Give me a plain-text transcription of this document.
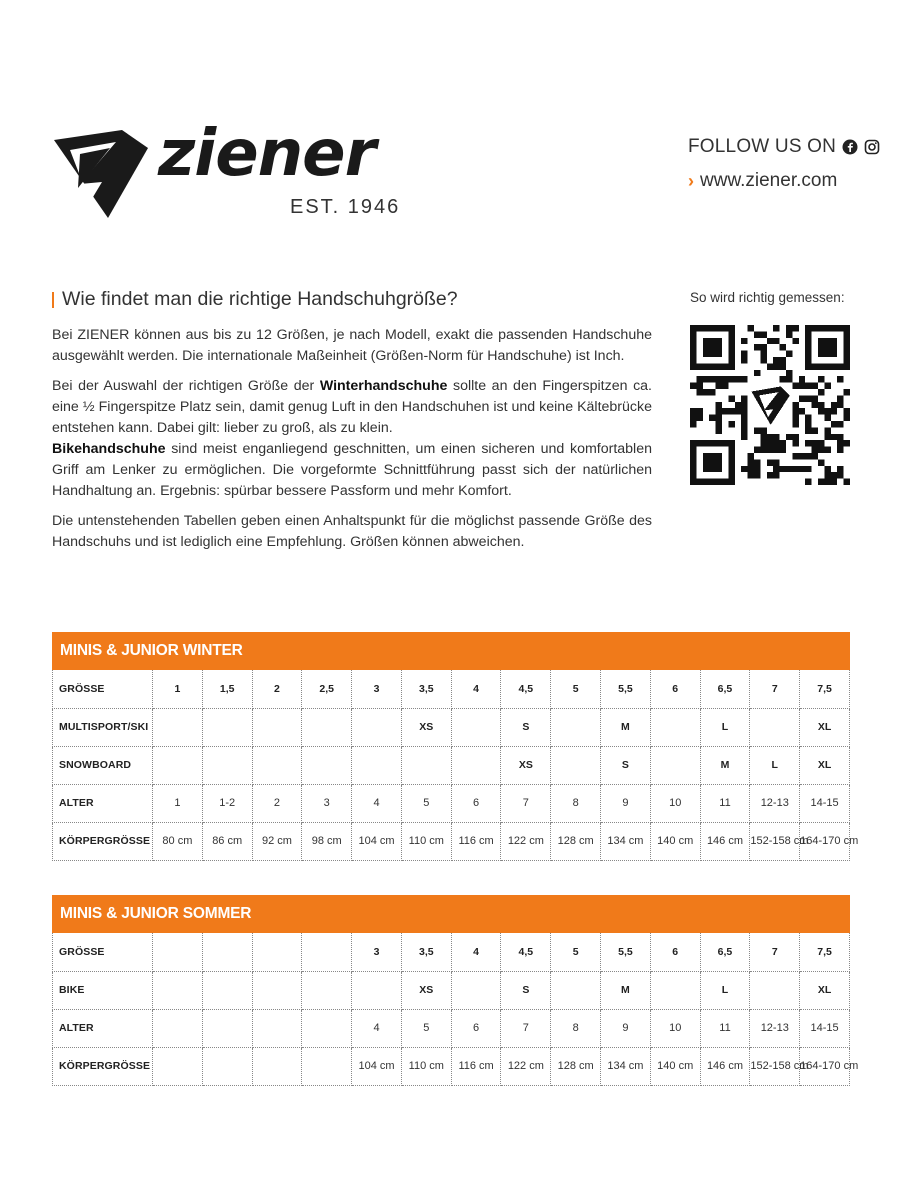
ziener
EST. 1946
FOLLOW US ON
› www.ziener.com
Wie findet man die richtige Handschuhgröße?

Bei ZIENER können aus bis zu 12 Größen, je nach Modell, exakt die passenden Handschuhe ausgewählt werden. Die internationale Maßeinheit (Größen-Norm für Handschuhe) ist Inch.

Bei der Auswahl der richtigen Größe der Winterhandschuhe sollte an den Fingerspitzen ca. eine ½ Fingerspitze Platz sein, damit genug Luft in den Handschuhen ist und keine Kältebrücke entstehen kann. Dabei gilt: lieber zu groß, als zu klein.

Bikehandschuhe sind meist enganliegend geschnitten, um einen sicheren und komfortablen Griff am Lenker zu ermöglichen. Die vorgeformte Schnittführung passt sich der natürlichen Handhaltung an. Ergebnis: spürbar bessere Passform und mehr Komfort.

Die untenstehenden Tabellen geben einen Anhaltspunkt für die möglichst passende Größe des Handschuhs und ist lediglich eine Empfehlung. Größen können abweichen.

So wird richtig gemessen:
MINIS & JUNIOR WINTER
GRÖSSE	1	1,5	2	2,5	3	3,5	4	4,5	5	5,5	6	6,5	7	7,5
MULTISPORT/SKI						XS		S		M		L		XL
SNOWBOARD								XS		S		M	L	XL
ALTER	1	1-2	2	3	4	5	6	7	8	9	10	11	12-13	14-15
KÖRPERGRÖSSE	80 cm	86 cm	92 cm	98 cm	104 cm	110 cm	116 cm	122 cm	128 cm	134 cm	140 cm	146 cm	152-158 cm	164-170 cm
MINIS & JUNIOR SOMMER
GRÖSSE					3	3,5	4	4,5	5	5,5	6	6,5	7	7,5
BIKE						XS		S		M		L		XL
ALTER					4	5	6	7	8	9	10	11	12-13	14-15
KÖRPERGRÖSSE					104 cm	110 cm	116 cm	122 cm	128 cm	134 cm	140 cm	146 cm	152-158 cm	164-170 cm
